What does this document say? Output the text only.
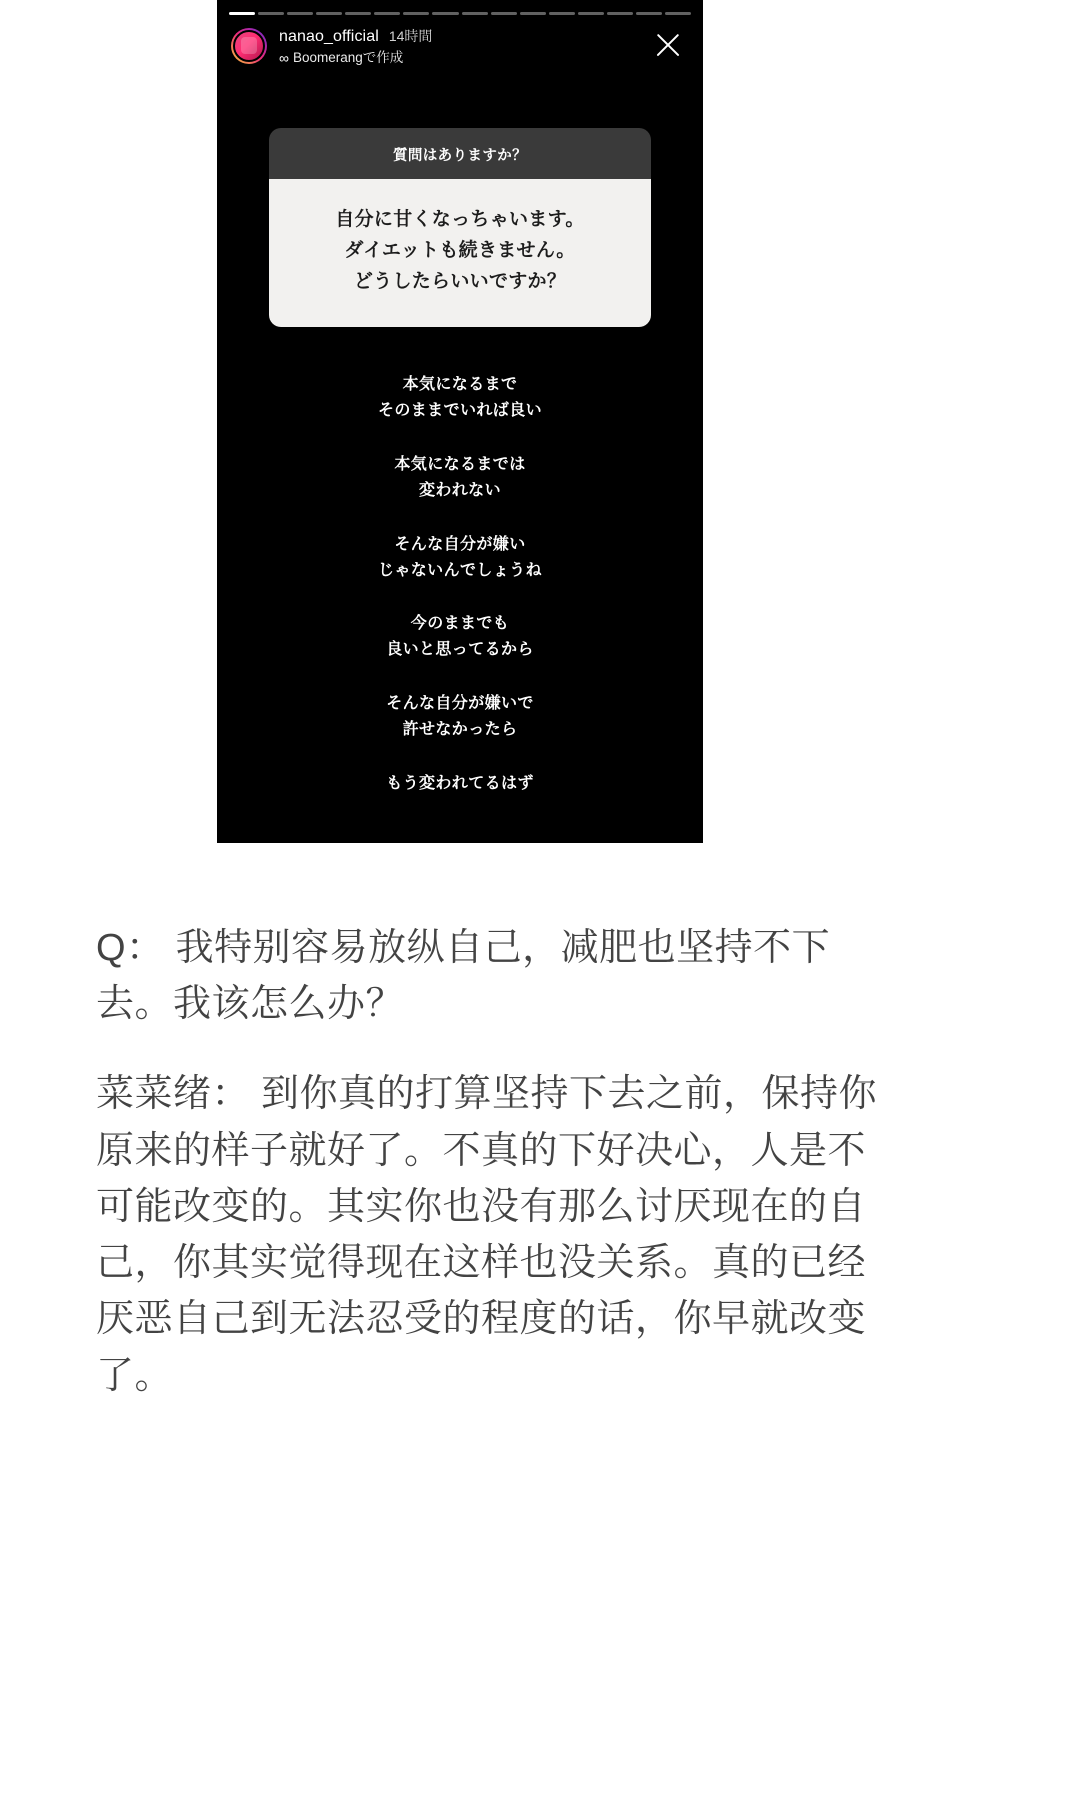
nanao_official 14時間
∞ Boomerangで作成
質問はありますか？
自分に甘くなっちゃいます。
ダイエットも続きません。
どうしたらいいですか？
本気になるまで
そのままでいれば良い
本気になるまでは
変われない
そんな自分が嫌い
じゃないんでしょうね
今のままでも
良いと思ってるから
そんな自分が嫌いで
許せなかったら
もう変われてるはず
Q： 我特别容易放纵自己，减肥也坚持不下去。我该怎么办？
菜菜绪： 到你真的打算坚持下去之前，保持你原来的样子就好了。不真的下好决心，人是不可能改变的。其实你也没有那么讨厌现在的自己，你其实觉得现在这样也没关系。真的已经厌恶自己到无法忍受的程度的话，你早就改变了。
